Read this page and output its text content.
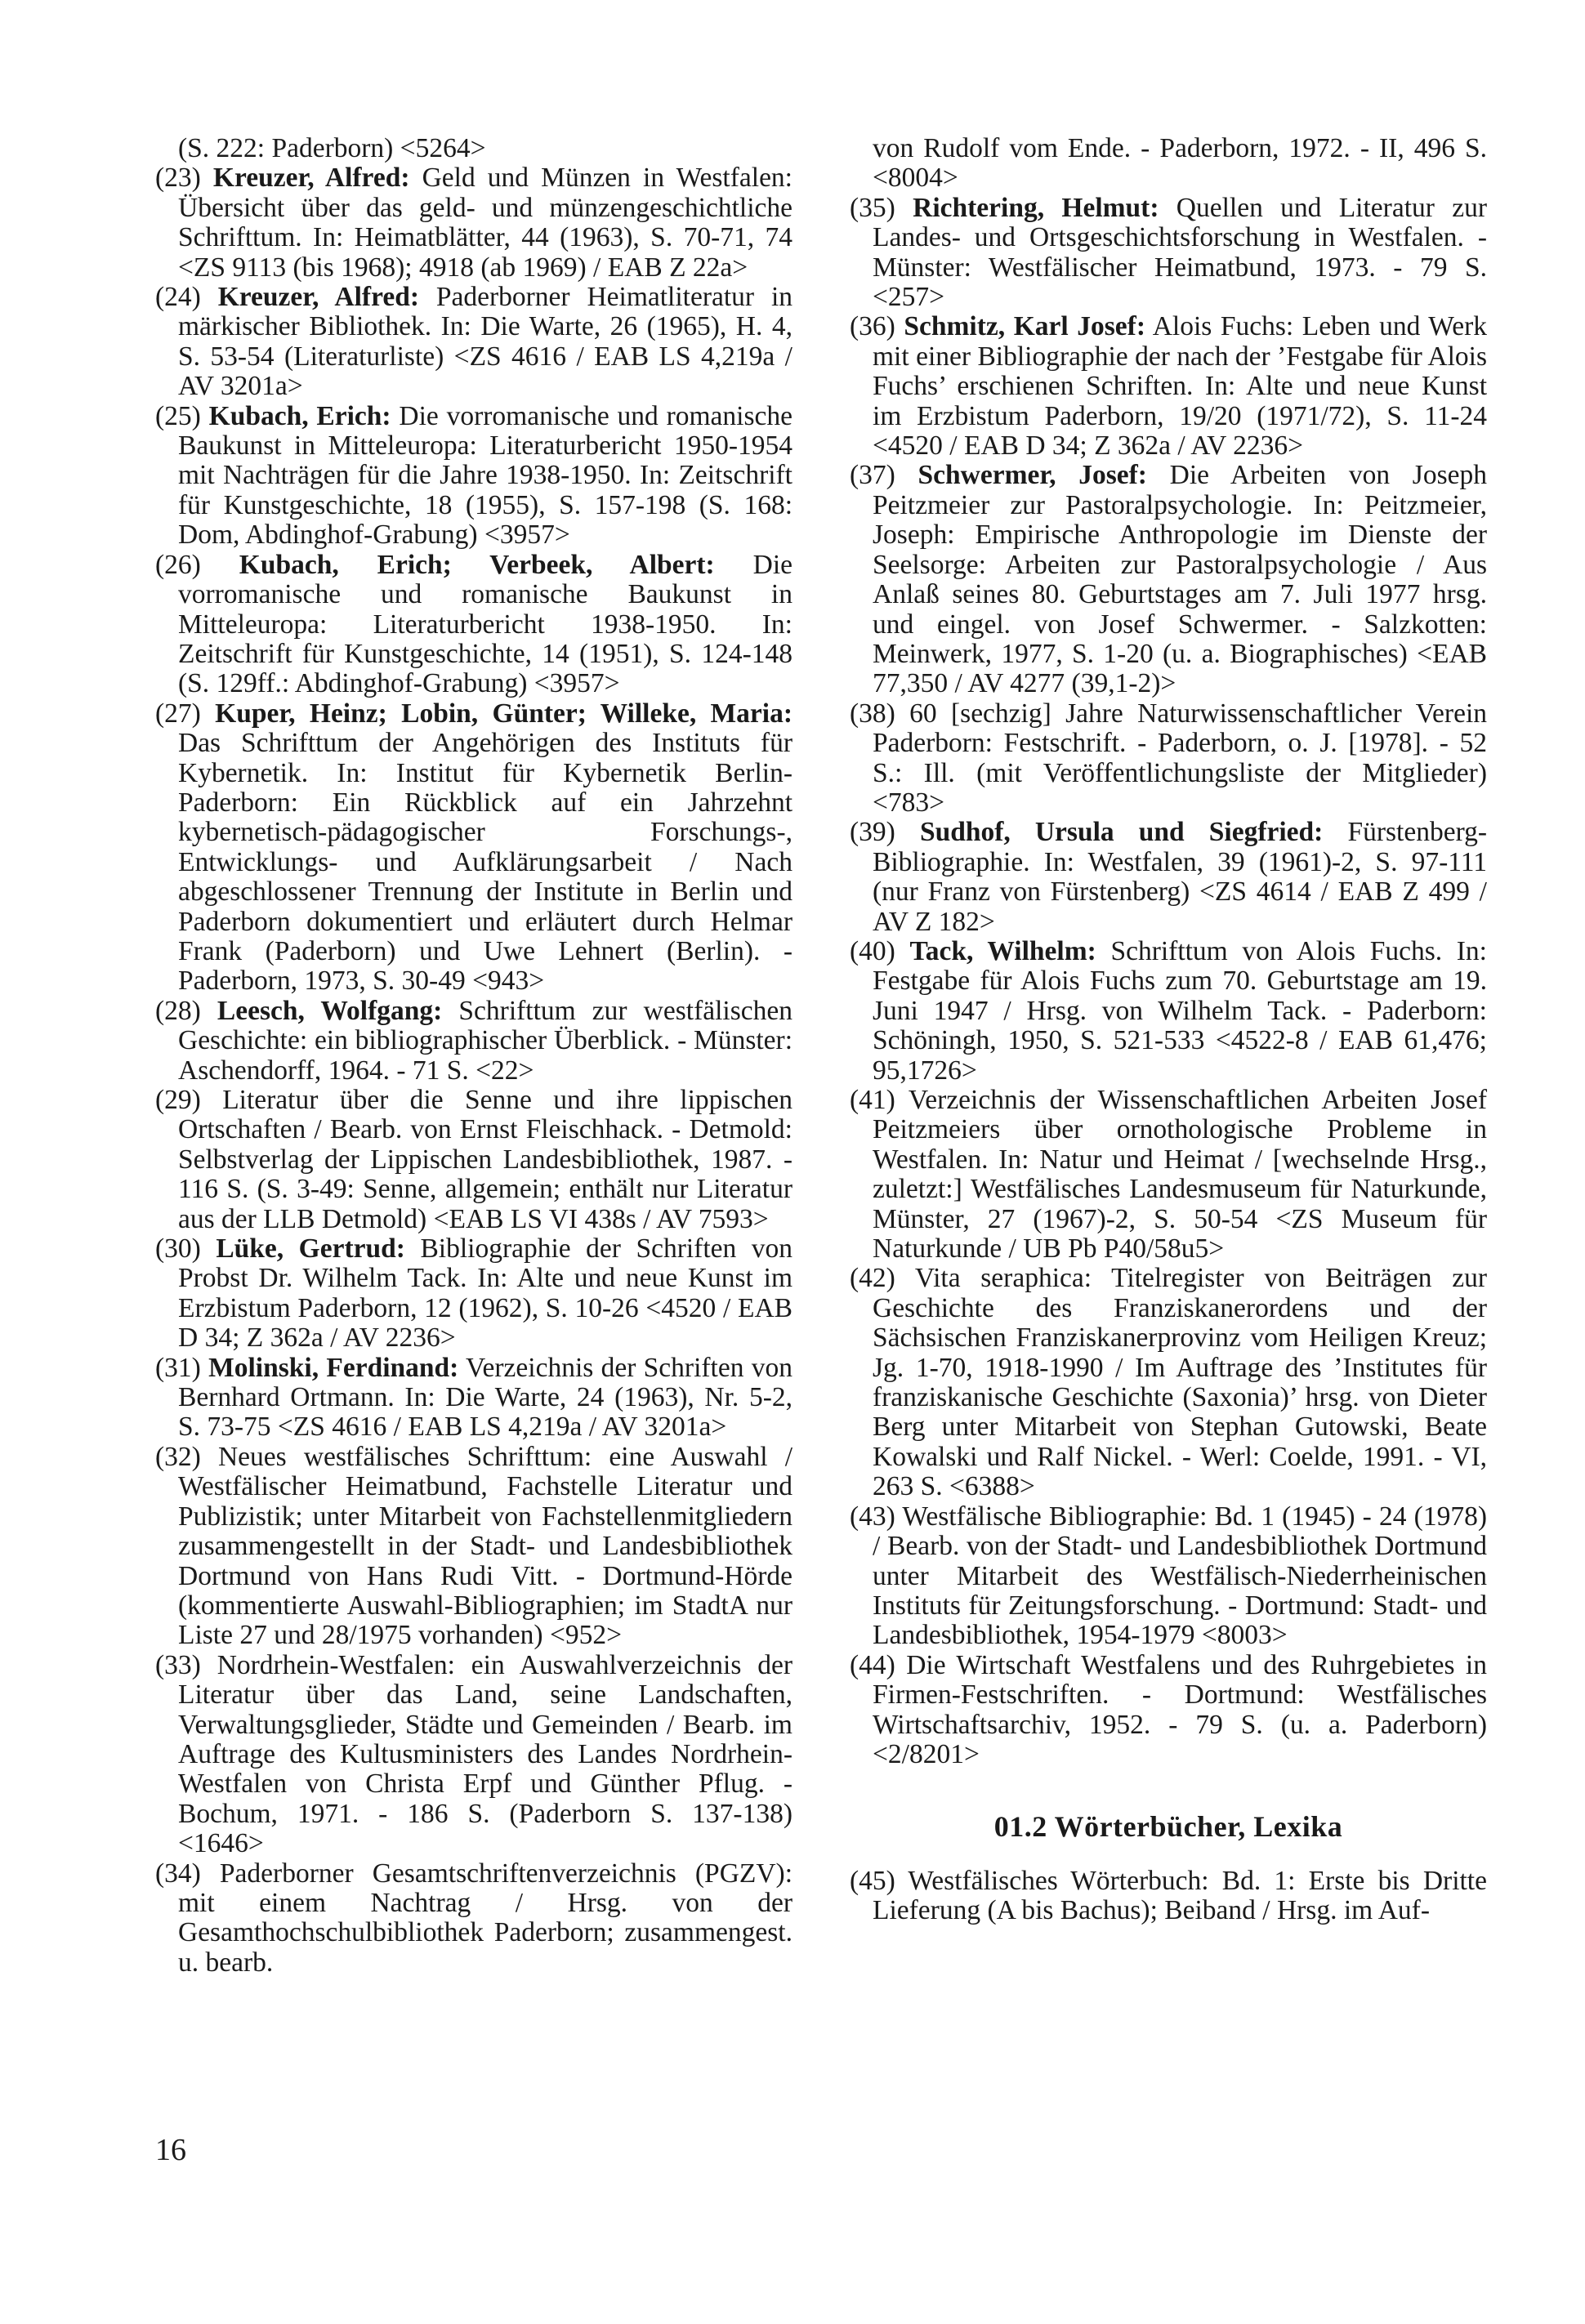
(S. 222: Paderborn) <5264>

(23) Kreuzer, Alfred: Geld und Münzen in Westfalen: Übersicht über das geld- und münzengeschichtliche Schrifttum. In: Heimatblätter, 44 (1963), S. 70-71, 74 <ZS 9113 (bis 1968); 4918 (ab 1969) / EAB Z 22a>

(24) Kreuzer, Alfred: Paderborner Heimatliteratur in märkischer Bibliothek. In: Die Warte, 26 (1965), H. 4, S. 53-54 (Literaturliste) <ZS 4616 / EAB LS 4,219a / AV 3201a>

(25) Kubach, Erich: Die vorromanische und romanische Baukunst in Mitteleuropa: Literaturbericht 1950-1954 mit Nachträgen für die Jahre 1938-1950. In: Zeitschrift für Kunstgeschichte, 18 (1955), S. 157-198 (S. 168: Dom, Abdinghof-Grabung) <3957>

(26) Kubach, Erich; Verbeek, Albert: Die vorromanische und romanische Baukunst in Mitteleuropa: Literaturbericht 1938-1950. In: Zeitschrift für Kunstgeschichte, 14 (1951), S. 124-148 (S. 129ff.: Abdinghof-Grabung) <3957>

(27) Kuper, Heinz; Lobin, Günter; Willeke, Maria: Das Schrifttum der Angehörigen des Instituts für Kybernetik. In: Institut für Kybernetik Berlin-Paderborn: Ein Rückblick auf ein Jahrzehnt kybernetisch-pädagogischer Forschungs-, Entwicklungs- und Aufklärungsarbeit / Nach abgeschlossener Trennung der Institute in Berlin und Paderborn dokumentiert und erläutert durch Helmar Frank (Paderborn) und Uwe Lehnert (Berlin). - Paderborn, 1973, S. 30-49 <943>

(28) Leesch, Wolfgang: Schrifttum zur westfälischen Geschichte: ein bibliographischer Überblick. - Münster: Aschendorff, 1964. - 71 S. <22>

(29) Literatur über die Senne und ihre lippischen Ortschaften / Bearb. von Ernst Fleischhack. - Detmold: Selbstverlag der Lippischen Landesbibliothek, 1987. - 116 S. (S. 3-49: Senne, allgemein; enthält nur Literatur aus der LLB Detmold) <EAB LS VI 438s / AV 7593>

(30) Lüke, Gertrud: Bibliographie der Schriften von Probst Dr. Wilhelm Tack. In: Alte und neue Kunst im Erzbistum Paderborn, 12 (1962), S. 10-26 <4520 / EAB D 34; Z 362a / AV 2236>

(31) Molinski, Ferdinand: Verzeichnis der Schriften von Bernhard Ortmann. In: Die Warte, 24 (1963), Nr. 5-2, S. 73-75 <ZS 4616 / EAB LS 4,219a / AV 3201a>

(32) Neues westfälisches Schrifttum: eine Auswahl / Westfälischer Heimatbund, Fachstelle Literatur und Publizistik; unter Mitarbeit von Fachstellenmitgliedern zusammengestellt in der Stadt- und Landesbibliothek Dortmund von Hans Rudi Vitt. - Dortmund-Hörde (kommentierte Auswahl-Bibliographien; im StadtA nur Liste 27 und 28/1975 vorhanden) <952>

(33) Nordrhein-Westfalen: ein Auswahlverzeichnis der Literatur über das Land, seine Landschaften, Verwaltungsglieder, Städte und Gemeinden / Bearb. im Auftrage des Kultusministers des Landes Nordrhein-Westfalen von Christa Erpf und Günther Pflug. - Bochum, 1971. - 186 S. (Paderborn S. 137-138) <1646>

(34) Paderborner Gesamtschriftenverzeichnis (PGZV): mit einem Nachtrag / Hrsg. von der Gesamthochschulbibliothek Paderborn; zusammengest. u. bearb.

von Rudolf vom Ende. - Paderborn, 1972. - II, 496 S. <8004>

(35) Richtering, Helmut: Quellen und Literatur zur Landes- und Ortsgeschichtsforschung in Westfalen. - Münster: Westfälischer Heimatbund, 1973. - 79 S. <257>

(36) Schmitz, Karl Josef: Alois Fuchs: Leben und Werk mit einer Bibliographie der nach der ’Festgabe für Alois Fuchs’ erschienen Schriften. In: Alte und neue Kunst im Erzbistum Paderborn, 19/20 (1971/72), S. 11-24 <4520 / EAB D 34; Z 362a / AV 2236>

(37) Schwermer, Josef: Die Arbeiten von Joseph Peitzmeier zur Pastoralpsychologie. In: Peitzmeier, Joseph: Empirische Anthropologie im Dienste der Seelsorge: Arbeiten zur Pastoralpsychologie / Aus Anlaß seines 80. Geburtstages am 7. Juli 1977 hrsg. und eingel. von Josef Schwermer. - Salzkotten: Meinwerk, 1977, S. 1-20 (u. a. Biographisches) <EAB 77,350 / AV 4277 (39,1-2)>

(38) 60 [sechzig] Jahre Naturwissenschaftlicher Verein Paderborn: Festschrift. - Paderborn, o. J. [1978]. - 52 S.: Ill. (mit Veröffentlichungsliste der Mitglieder) <783>

(39) Sudhof, Ursula und Siegfried: Fürstenberg-Bibliographie. In: Westfalen, 39 (1961)-2, S. 97-111 (nur Franz von Fürstenberg) <ZS 4614 / EAB Z 499 / AV Z 182>

(40) Tack, Wilhelm: Schrifttum von Alois Fuchs. In: Festgabe für Alois Fuchs zum 70. Geburtstage am 19. Juni 1947 / Hrsg. von Wilhelm Tack. - Paderborn: Schöningh, 1950, S. 521-533 <4522-8 / EAB 61,476; 95,1726>

(41) Verzeichnis der Wissenschaftlichen Arbeiten Josef Peitzmeiers über ornothologische Probleme in Westfalen. In: Natur und Heimat / [wechselnde Hrsg., zuletzt:] Westfälisches Landesmuseum für Naturkunde, Münster, 27 (1967)-2, S. 50-54 <ZS Museum für Naturkunde / UB Pb P40/58u5>

(42) Vita seraphica: Titelregister von Beiträgen zur Geschichte des Franziskanerordens und der Sächsischen Franziskanerprovinz vom Heiligen Kreuz; Jg. 1-70, 1918-1990 / Im Auftrage des ’Institutes für franziskanische Geschichte (Saxonia)’ hrsg. von Dieter Berg unter Mitarbeit von Stephan Gutowski, Beate Kowalski und Ralf Nickel. - Werl: Coelde, 1991. - VI, 263 S. <6388>

(43) Westfälische Bibliographie: Bd. 1 (1945) - 24 (1978) / Bearb. von der Stadt- und Landesbibliothek Dortmund unter Mitarbeit des Westfälisch-Niederrheinischen Instituts für Zeitungsforschung. - Dortmund: Stadt- und Landesbibliothek, 1954-1979 <8003>

(44) Die Wirtschaft Westfalens und des Ruhrgebietes in Firmen-Festschriften. - Dortmund: Westfälisches Wirtschaftsarchiv, 1952. - 79 S. (u. a. Paderborn) <2/8201>

01.2 Wörterbücher, Lexika

(45) Westfälisches Wörterbuch: Bd. 1: Erste bis Dritte Lieferung (A bis Bachus); Beiband / Hrsg. im Auf-

16
